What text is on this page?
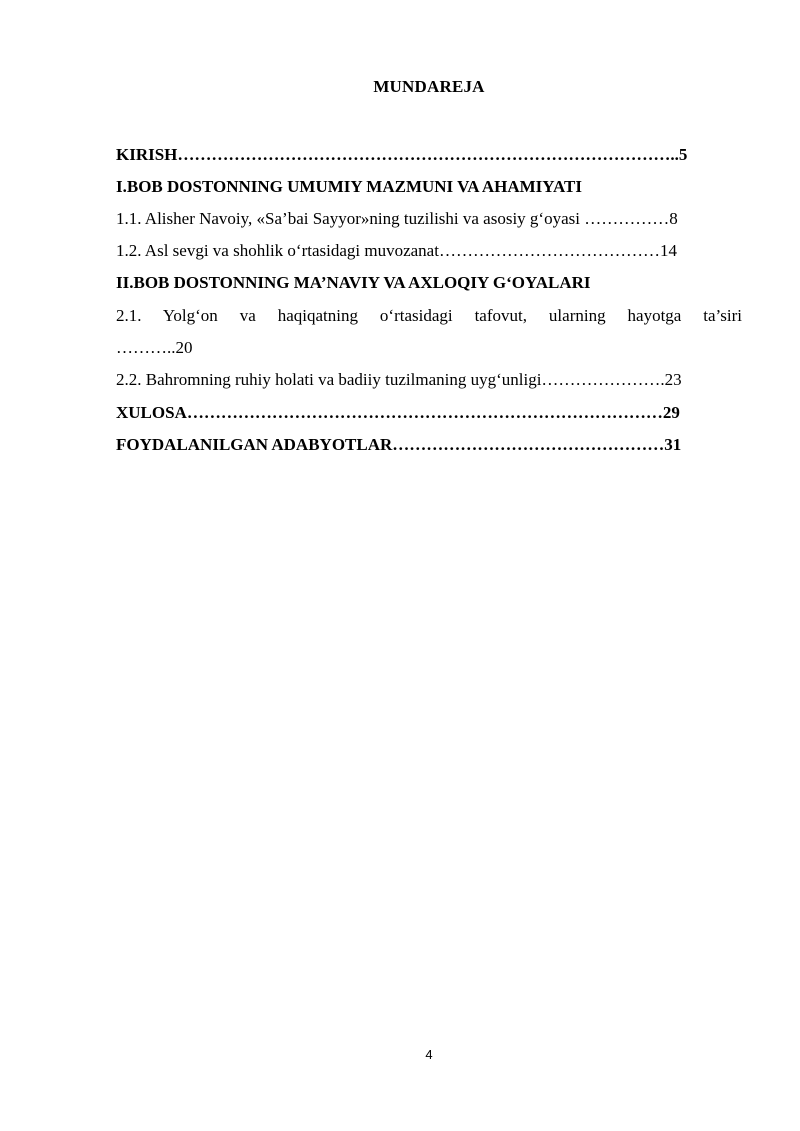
MUNDAREJA
KIRISH……………………………………………………………………………..5
I.BOB DOSTONNING UMUMIY MAZMUNI VA AHAMIYATI
1.1. Alisher Navoiy, «Sa’bai Sayyor»ning tuzilishi va asosiy g‘oyasi ……………8
1.2. Asl sevgi va shohlik o‘rtasidagi muvozanat…………………………………14
II.BOB DOSTONNING MA’NAVIY VA AXLOQIY G‘OYALARI
2.1. Yolg‘on va haqiqatning o‘rtasidagi tafovut, ularning hayotga ta’siri
………..20
2.2. Bahromning ruhiy holati va badiiy tuzilmaning uyg‘unligi………………….23
XULOSA…………………………………………………………………………29
FOYDALANILGAN ADABYOTLAR…………………………………………31
4
